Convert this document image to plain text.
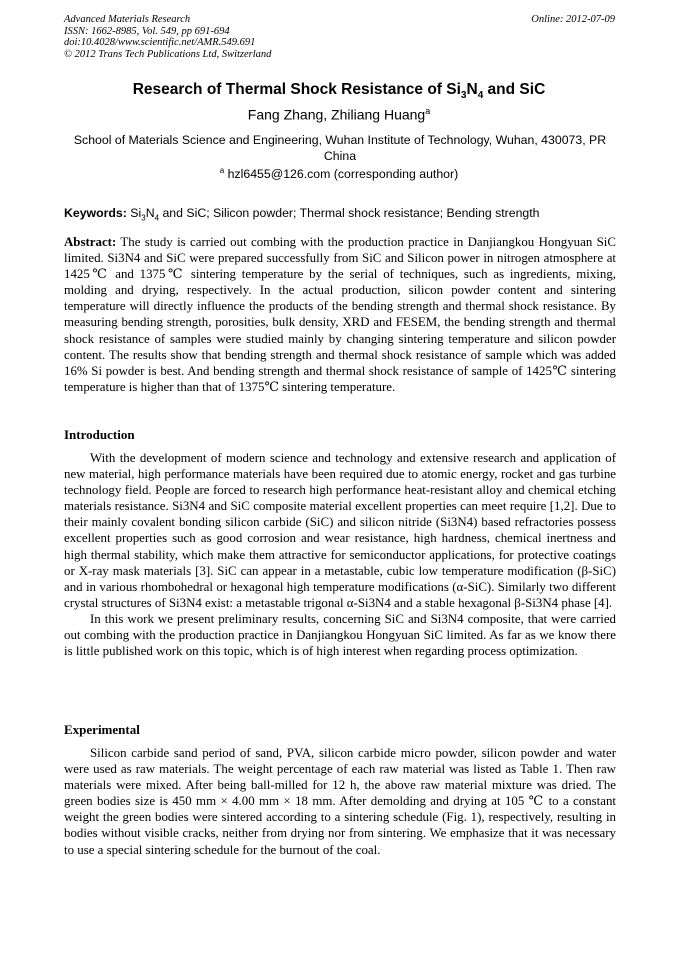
Advanced Materials Research
ISSN: 1662-8985, Vol. 549, pp 691-694
doi:10.4028/www.scientific.net/AMR.549.691
© 2012 Trans Tech Publications Ltd, Switzerland
Online: 2012-07-09
Research of Thermal Shock Resistance of $Si_3N_4$ and SiC
Fang Zhang, Zhiliang Huang$^a$
School of Materials Science and Engineering, Wuhan Institute of Technology, Wuhan, 430073, PR China
$^a$ hzl6455@126.com (corresponding author)
Keywords: $Si_3N_4$ and SiC; Silicon powder; Thermal shock resistance; Bending strength

Abstract: The study is carried out combing with the production practice in Danjiangkou Hongyuan SiC limited. Si3N4 and SiC were prepared successfully from SiC and Silicon power in nitrogen atmosphere at 1425℃ and 1375℃ sintering temperature by the serial of techniques, such as ingredients, mixing, molding and drying, respectively. In the actual production, silicon powder content and sintering temperature will directly influence the products of the bending strength and thermal shock resistance. By measuring bending strength, porosities, bulk density, XRD and FESEM, the bending strength and thermal shock resistance of samples were studied mainly by changing sintering temperature and silicon powder content. The results show that bending strength and thermal shock resistance of sample which was added 16% Si powder is best. And bending strength and thermal shock resistance of sample of 1425℃ sintering temperature is higher than that of 1375℃ sintering temperature.

Introduction

With the development of modern science and technology and extensive research and application of new material, high performance materials have been required due to atomic energy, rocket and gas turbine technology field. People are forced to research high performance heat-resistant alloy and chemical etching materials resistance. Si3N4 and SiC composite material excellent properties can meet require [1,2]. Due to their mainly covalent bonding silicon carbide (SiC) and silicon nitride (Si3N4) based refractories possess excellent properties such as good corrosion and wear resistance, high hardness, chemical inertness and high thermal stability, which make them attractive for semiconductor applications, for protective coatings or X-ray mask materials [3]. SiC can appear in a metastable, cubic low temperature modification (β-SiC) and in various rhombohedral or hexagonal high temperature modifications (α-SiC). Similarly two different crystal structures of Si3N4 exist: a metastable trigonal α-Si3N4 and a stable hexagonal β-Si3N4 phase [4].

In this work we present preliminary results, concerning SiC and Si3N4 composite, that were carried out combing with the production practice in Danjiangkou Hongyuan SiC limited. As far as we know there is little published work on this topic, which is of high interest when regarding process optimization.

Experimental

Silicon carbide sand period of sand, PVA, silicon carbide micro powder, silicon powder and water were used as raw materials. The weight percentage of each raw material was listed as Table 1. Then raw materials were mixed. After being ball-milled for 12 h, the above raw material mixture was dried. The green bodies size is 450 mm × 4.00 mm × 18 mm. After demolding and drying at 105 ℃ to a constant weight the green bodies were sintered according to a sintering schedule (Fig. 1), respectively, resulting in bodies without visible cracks, neither from drying nor from sintering. We emphasize that it was necessary to use a special sintering schedule for the burnout of the coal.
